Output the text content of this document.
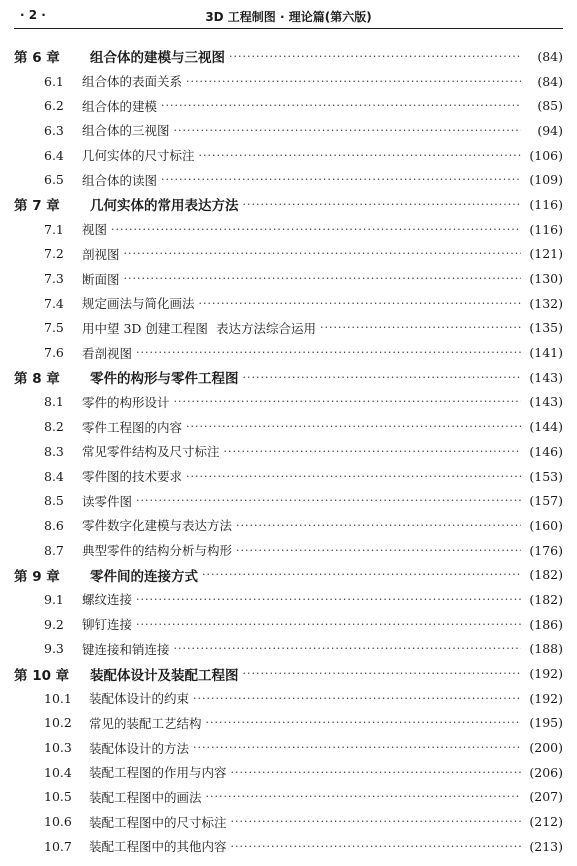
· 2 ·	3D 工程制图 · 理论篇(第六版)
第 6 章	组合体的建模与三视图 ·····	(84)
6.1	组合体的表面关系 ·····	(84)
6.2	组合体的建模 ·····	(85)
6.3	组合体的三视图 ·····	(94)
6.4	几何实体的尺寸标注 ·····	(106)
6.5	组合体的读图 ·····	(109)
第 7 章	几何实体的常用表达方法 ·····	(116)
7.1	视图 ·····	(116)
7.2	剖视图 ·····	(121)
7.3	断面图 ·····	(130)
7.4	规定画法与简化画法 ·····	(132)
7.5	用中望 3D 创建工程图 表达方法综合运用 ·····	(135)
7.6	看剖视图 ·····	(141)
第 8 章	零件的构形与零件工程图 ·····	(143)
8.1	零件的构形设计 ·····	(143)
8.2	零件工程图的内容 ·····	(144)
8.3	常见零件结构及尺寸标注 ·····	(146)
8.4	零件图的技术要求 ·····	(153)
8.5	读零件图 ·····	(157)
8.6	零件数字化建模与表达方法 ·····	(160)
8.7	典型零件的结构分析与构形 ·····	(176)
第 9 章	零件间的连接方式 ·····	(182)
9.1	螺纹连接 ·····	(182)
9.2	铆钉连接 ·····	(186)
9.3	键连接和销连接 ·····	(188)
第 10 章	装配体设计及装配工程图 ·····	(192)
10.1	装配体设计的约束 ·····	(192)
10.2	常见的装配工艺结构 ·····	(195)
10.3	装配体设计的方法 ·····	(200)
10.4	装配工程图的作用与内容 ·····	(206)
10.5	装配工程图中的画法 ·····	(207)
10.6	装配工程图中的尺寸标注 ·····	(212)
10.7	装配工程图中的其他内容 ·····	(213)
